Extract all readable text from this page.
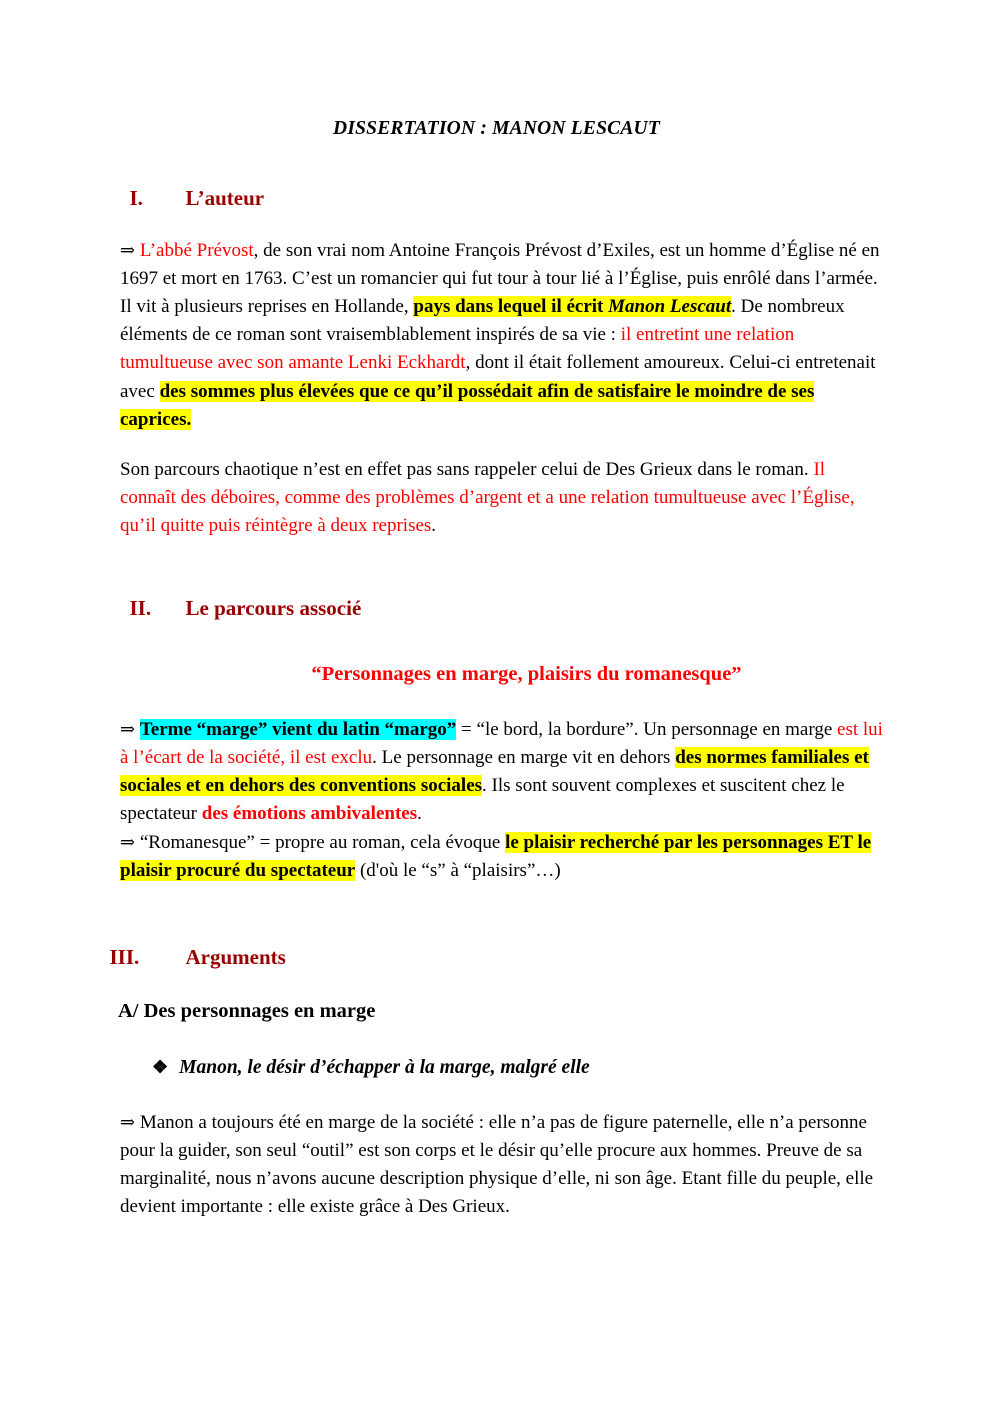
DISSERTATION : MANON LESCAUT
I.	L’auteur

⇒ L’abbé Prévost, de son vrai nom Antoine François Prévost d’Exiles, est un homme d’Église né en 1697 et mort en 1763. C’est un romancier qui fut tour à tour lié à l’Église, puis enrôlé dans l’armée. Il vit à plusieurs reprises en Hollande, pays dans lequel il écrit Manon Lescaut. De nombreux éléments de ce roman sont vraisemblablement inspirés de sa vie : il entretint une relation tumultueuse avec son amante Lenki Eckhardt, dont il était follement amoureux. Celui-ci entretenait avec des sommes plus élevées que ce qu’il possédait afin de satisfaire le moindre de ses caprices.

Son parcours chaotique n’est en effet pas sans rappeler celui de Des Grieux dans le roman. Il connaît des déboires, comme des problèmes d’argent et a une relation tumultueuse avec l’Église, qu’il quitte puis réintègre à deux reprises.

II.	Le parcours associé

“Personnages en marge, plaisirs du romanesque”

⇒ Terme “marge” vient du latin “margo” = “le bord, la bordure”. Un personnage en marge est lui à l’écart de la société, il est exclu. Le personnage en marge vit en dehors des normes familiales et sociales et en dehors des conventions sociales. Ils sont souvent complexes et suscitent chez le spectateur des émotions ambivalentes.

⇒ “Romanesque” = propre au roman, cela évoque le plaisir recherché par les personnages ET le plaisir procuré du spectateur (d'où le “s” à “plaisirs”…)

III.	Arguments

A/ Des personnages en marge

❖ Manon, le désir d’échapper à la marge, malgré elle

⇒ Manon a toujours été en marge de la société : elle n’a pas de figure paternelle, elle n’a personne pour la guider, son seul “outil” est son corps et le désir qu’elle procure aux hommes. Preuve de sa marginalité, nous n’avons aucune description physique d’elle, ni son âge. Etant fille du peuple, elle devient importante : elle existe grâce à Des Grieux.
